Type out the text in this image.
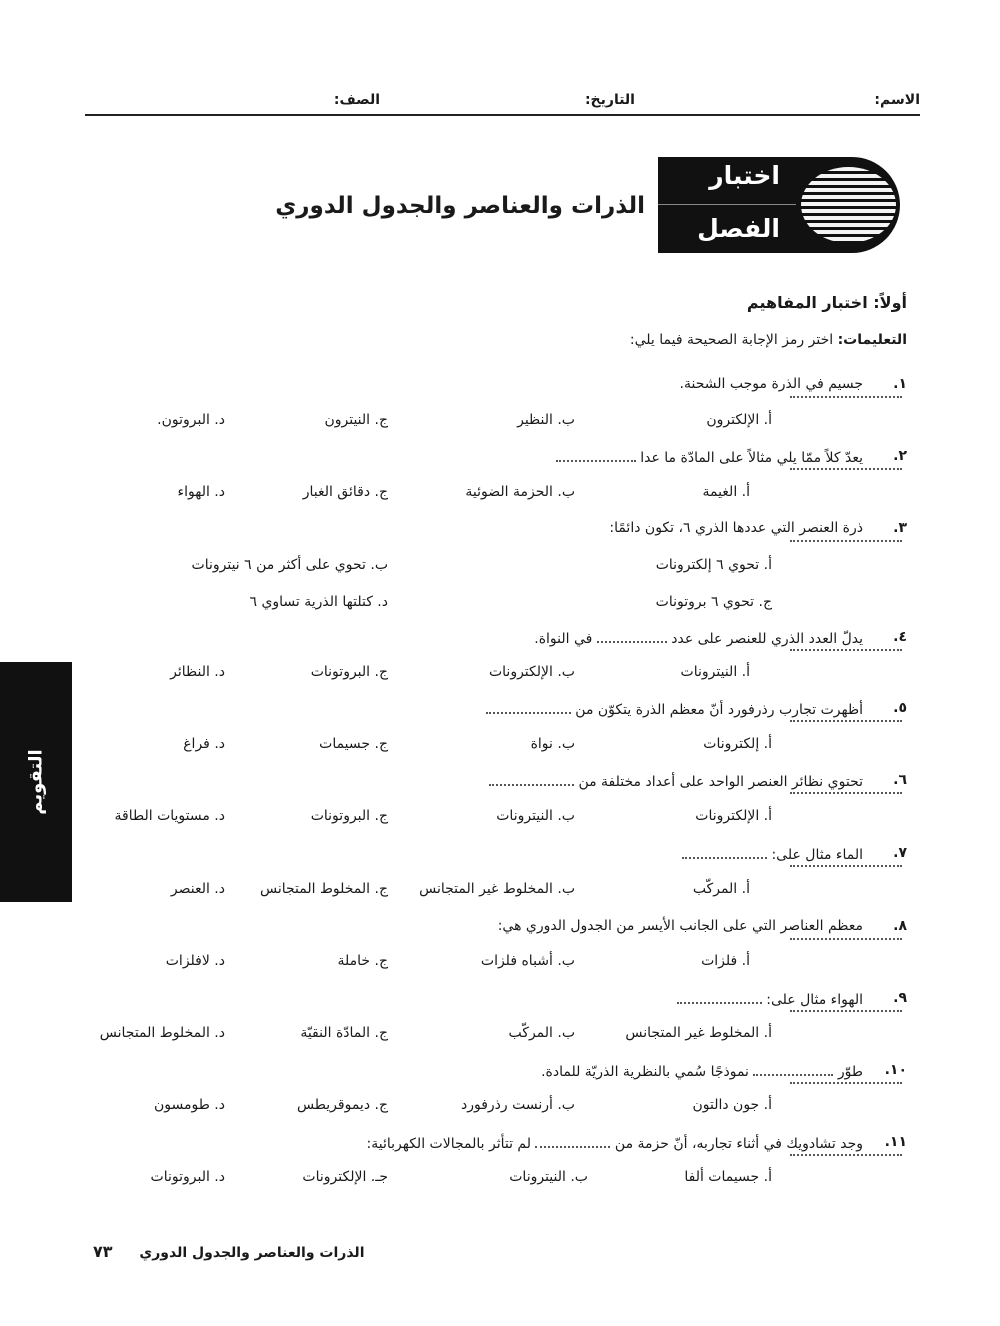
الاسم:
التاريخ:
الصف:
اختبار
الفصل
الذرات والعناصر والجدول الدوري
أولاً: اختبار المفاهيم
التعليمات: اختر رمز الإجابة الصحيحة فيما يلي:
١.
جسيم في الذرة موجب الشحنة.
أ. الإلكترون
ب. النظير
ج. النيترون
د. البروتون.
٢.
يعدّ كلاً ممّا يلي مثالاً على المادّة ما عدا
أ. الغيمة
ب. الحزمة الضوئية
ج. دقائق الغبار
د. الهواء
٣.
ذرة العنصر التي عددها الذري ٦، تكون دائمًا:
أ. تحوي ٦ إلكترونات
ب. تحوي على أكثر من ٦ نيترونات
ج. تحوي ٦ بروتونات
د. كتلتها الذرية تساوي ٦
٤.
يدلّ العدد الذري للعنصر على عدد  في النواة.
أ. النيترونات
ب. الإلكترونات
ج. البروتونات
د. النظائر
٥.
أظهرت تجارب رذرفورد أنّ معظم الذرة يتكوّن من
أ. إلكترونات
ب. نواة
ج. جسيمات
د. فراغ
٦.
تحتوي نظائر العنصر الواحد على أعداد مختلفة من
أ. الإلكترونات
ب. النيترونات
ج. البروتونات
د. مستويات الطاقة
٧.
الماء مثال على:
أ. المركّب
ب. المخلوط غير المتجانس
ج. المخلوط المتجانس
د. العنصر
٨.
معظم العناصر التي على الجانب الأيسر من الجدول الدوري هي:
أ. فلزات
ب. أشباه فلزات
ج. خاملة
د. لافلزات
٩.
الهواء مثال على:
أ. المخلوط غير المتجانس
ب. المركّب
ج. المادّة النقيّة
د. المخلوط المتجانس
١٠.
طوّر  نموذجًا سُمي بالنظرية الذريّة للمادة.
أ. جون دالتون
ب. أرنست رذرفورد
ج. ديموقريطس
د. طومسون
١١.
وجد تشادويك في أثناء تجاربه، أنّ حزمة من  لم تتأثر بالمجالات الكهربائية:
أ. جسيمات ألفا
ب. النيترونات
جـ. الإلكترونات
د. البروتونات
التقويم
الذرات والعناصر والجدول الدوري ٧٣
